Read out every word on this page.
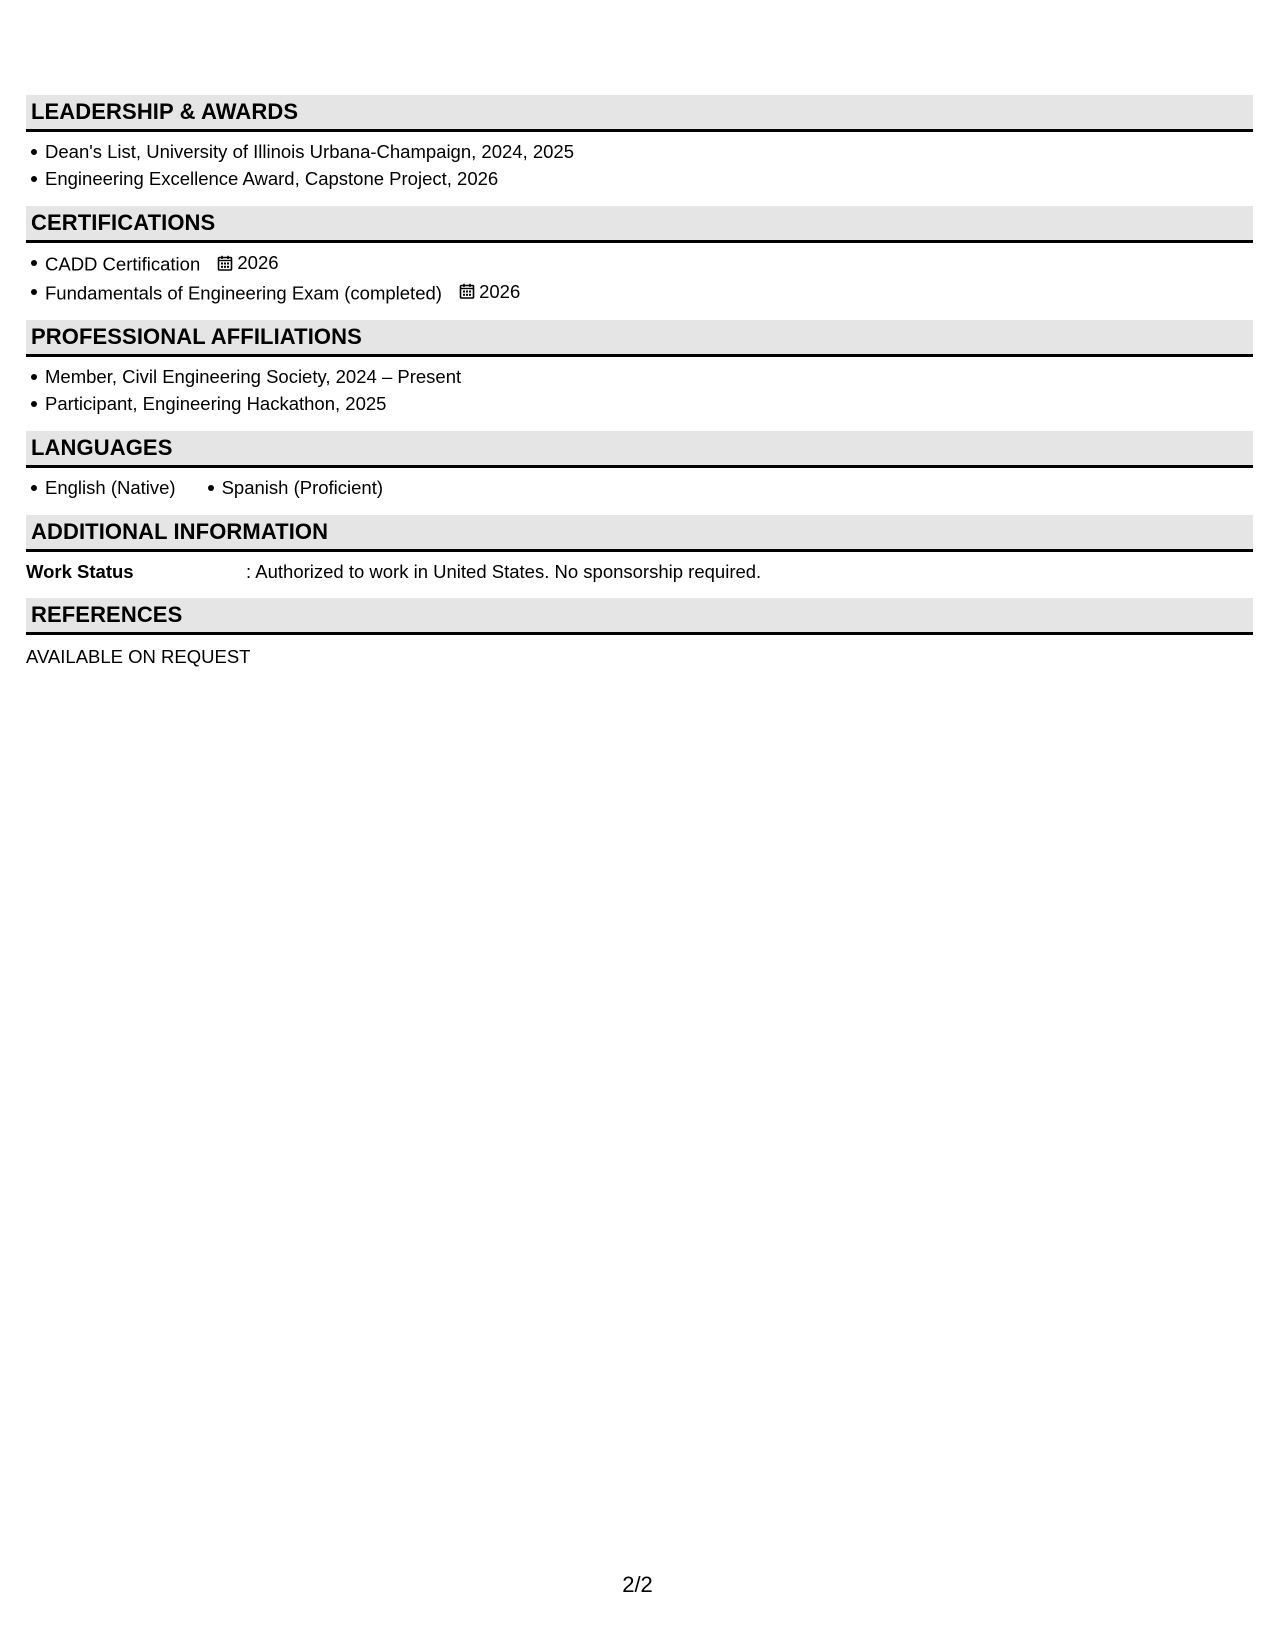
LEADERSHIP & AWARDS
Dean's List, University of Illinois Urbana-Champaign, 2024, 2025
Engineering Excellence Award, Capstone Project, 2026
CERTIFICATIONS
CADD Certification 2026
Fundamentals of Engineering Exam (completed) 2026
PROFESSIONAL AFFILIATIONS
Member, Civil Engineering Society, 2024 – Present
Participant, Engineering Hackathon, 2025
LANGUAGES
English (Native) Spanish (Proficient)
ADDITIONAL INFORMATION
Work Status	: Authorized to work in United States. No sponsorship required.
REFERENCES
AVAILABLE ON REQUEST
2/2
